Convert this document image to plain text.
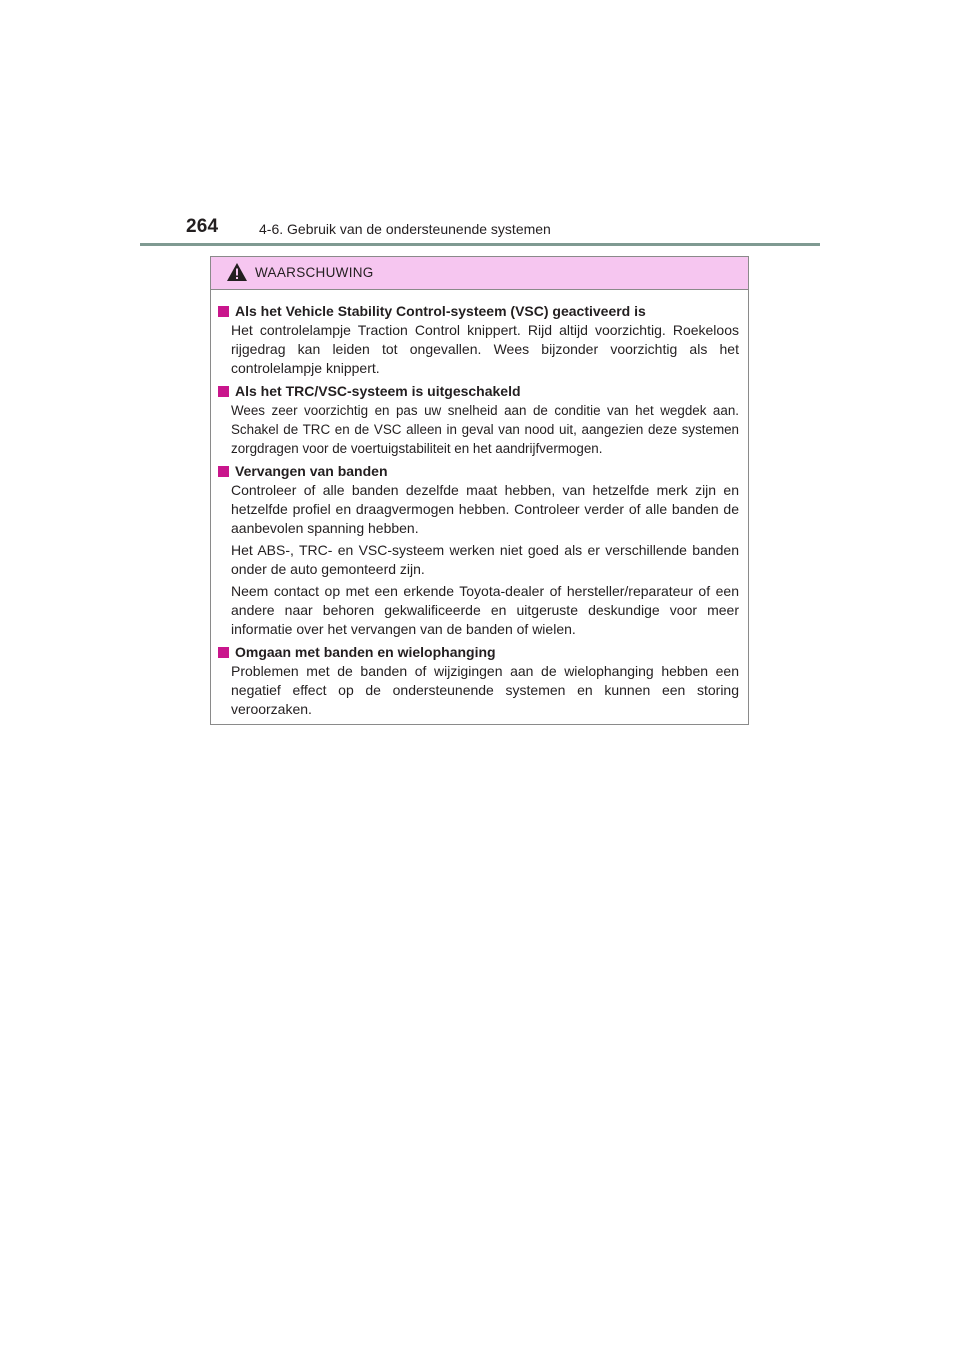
264	4-6. Gebruik van de ondersteunende systemen
WAARSCHUWING
Als het Vehicle Stability Control-systeem (VSC) geactiveerd is

Het controlelampje Traction Control knippert. Rijd altijd voorzichtig. Roekeloos rijgedrag kan leiden tot ongevallen. Wees bijzonder voorzichtig als het controlelampje knippert.

Als het TRC/VSC-systeem is uitgeschakeld

Wees zeer voorzichtig en pas uw snelheid aan de conditie van het wegdek aan. Schakel de TRC en de VSC alleen in geval van nood uit, aangezien deze systemen zorgdragen voor de voertuigstabiliteit en het aandrijfvermogen.

Vervangen van banden

Controleer of alle banden dezelfde maat hebben, van hetzelfde merk zijn en hetzelfde profiel en draagvermogen hebben. Controleer verder of alle banden de aanbevolen spanning hebben.

Het ABS-, TRC- en VSC-systeem werken niet goed als er verschillende banden onder de auto gemonteerd zijn.

Neem contact op met een erkende Toyota-dealer of hersteller/reparateur of een andere naar behoren gekwalificeerde en uitgeruste deskundige voor meer informatie over het vervangen van de banden of wielen.

Omgaan met banden en wielophanging

Problemen met de banden of wijzigingen aan de wielophanging hebben een negatief effect op de ondersteunende systemen en kunnen een storing veroorzaken.
